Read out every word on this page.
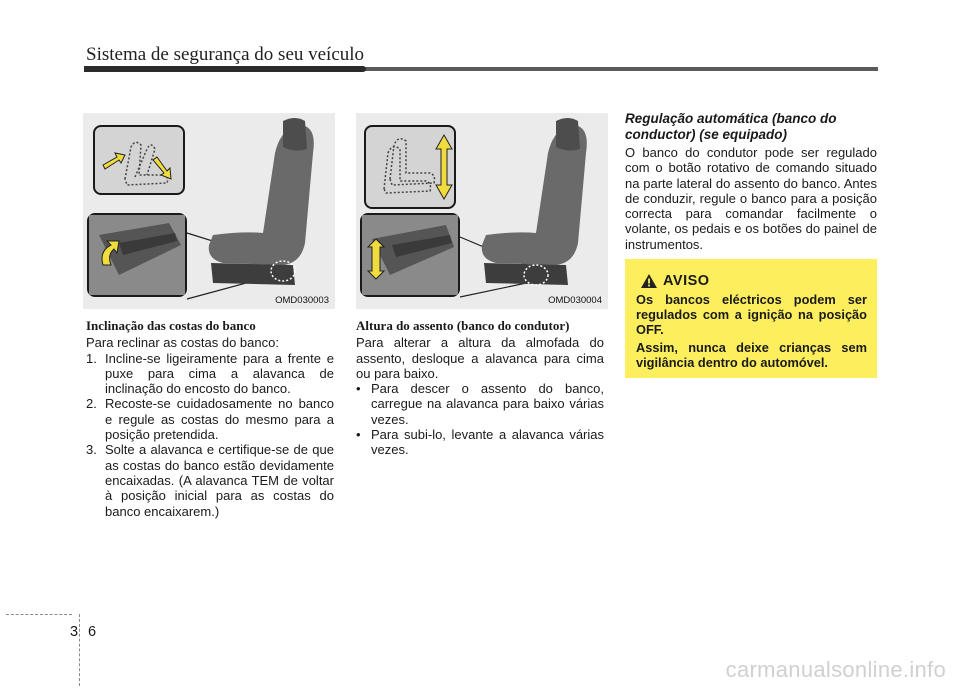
Sistema de segurança do seu veículo
OMD030003	OMD030004
Inclinação das costas do banco

Para reclinar as costas do banco:

1. Incline-se ligeiramente para a frente e puxe para cima a alavanca de inclinação do encosto do banco.
2. Recoste-se cuidadosamente no banco e regule as costas do mesmo para a posição pretendida.
3. Solte a alavanca e certifique-se de que as costas do banco estão devidamente encaixadas. (A alavanca TEM de voltar à posição inicial para as costas do banco encaixarem.)
Altura do assento (banco do condutor)

Para alterar a altura da almofada do assento, desloque a alavanca para cima ou para baixo.

• Para descer o assento do banco, carregue na alavanca para baixo várias vezes.
• Para subi-lo, levante a alavanca várias vezes.
Regulação automática (banco do conductor) (se equipado)

O banco do condutor pode ser regulado com o botão rotativo de comando situado na parte lateral do assento do banco. Antes de conduzir, regule o banco para a posição correcta para comandar facilmente o volante, os pedais e os botões do painel de instrumentos.

AVISO

Os bancos eléctricos podem ser regulados com a ignição na posição OFF.

Assim, nunca deixe crianças sem vigilância dentro do automóvel.

3 6
carmanualsonline.info
